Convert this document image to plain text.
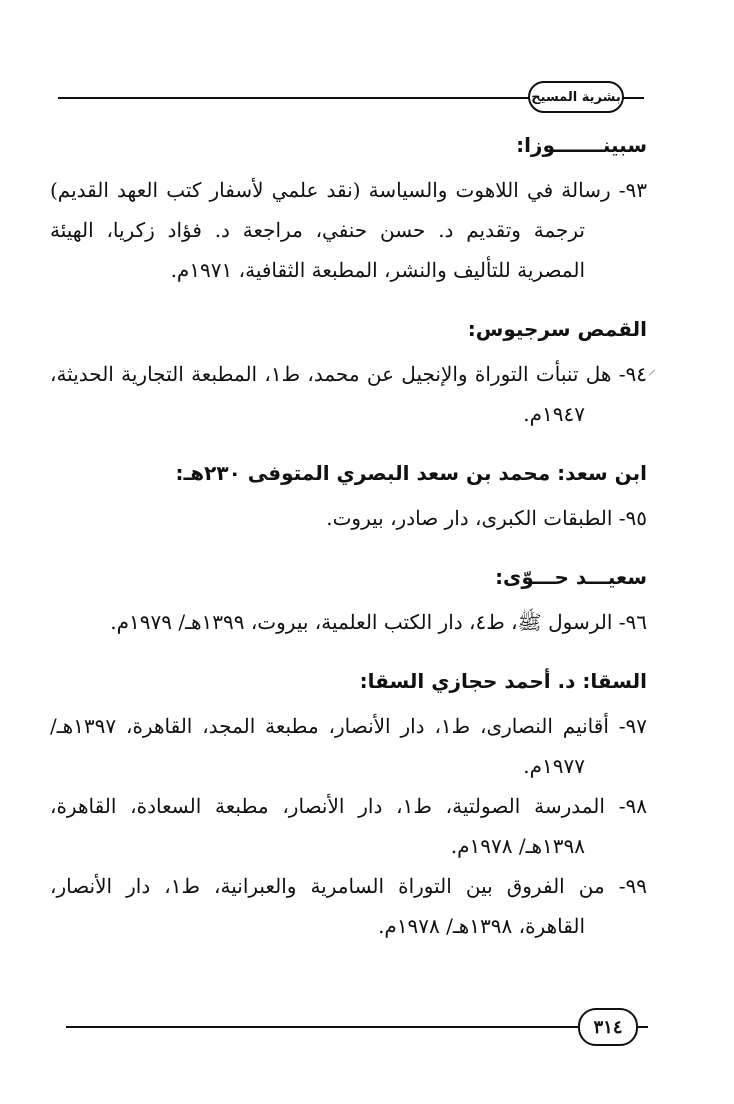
بشرية المسيح

سبينـــــــوزا:

٩٣- رسالة في اللاهوت والسياسة (نقد علمي لأسفار كتب العهد القديم) ترجمة وتقديم د. حسن حنفي، مراجعة د. فؤاد زكريا، الهيئة المصرية للتأليف والنشر، المطبعة الثقافية، ١٩٧١م.

القمص سرجيوس:

٩٤- هل تنبأت التوراة والإنجيل عن محمد، ط١، المطبعة التجارية الحديثة، ١٩٤٧م.

ابن سعد: محمد بن سعد البصري المتوفى ٢٣٠هـ:

٩٥- الطبقات الكبرى، دار صادر، بيروت.

سعيـــد حـــوّى:

٩٦- الرسول ﷺ، ط٤، دار الكتب العلمية، بيروت، ١٣٩٩هـ/ ١٩٧٩م.

السقا: د. أحمد حجازي السقا:

٩٧- أقانيم النصارى، ط١، دار الأنصار، مطبعة المجد، القاهرة، ١٣٩٧هـ/ ١٩٧٧م.

٩٨- المدرسة الصولتية، ط١، دار الأنصار، مطبعة السعادة، القاهرة، ١٣٩٨هـ/ ١٩٧٨م.

٩٩- من الفروق بين التوراة السامرية والعبرانية، ط١، دار الأنصار، القاهرة، ١٣٩٨هـ/ ١٩٧٨م.

٣١٤
